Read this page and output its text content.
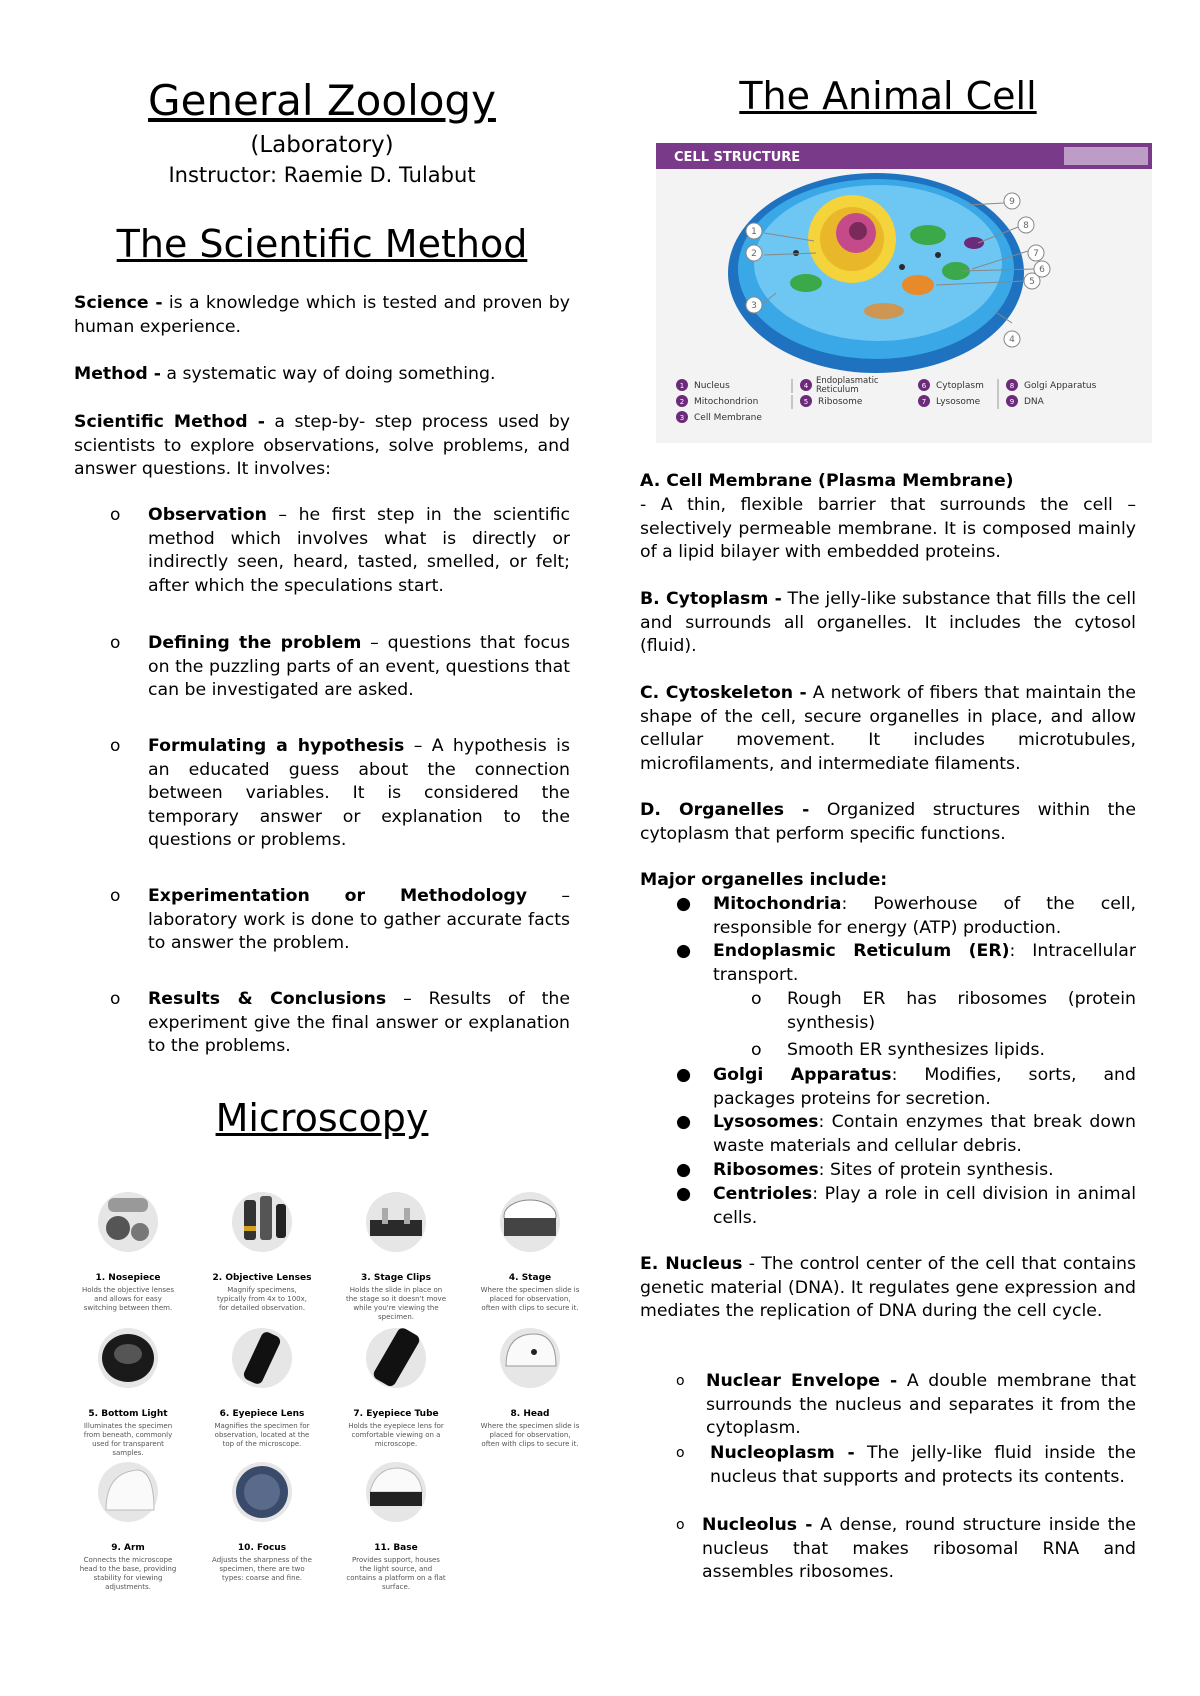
General Zoology
(Laboratory)
Instructor: Raemie D. Tulabut
The Scientific Method

Science - is a knowledge which is tested and proven by human experience.

Method - a systematic way of doing something.

Scientific Method - a step-by- step process used by scientists to explore observations, solve problems, and answer questions. It involves:

o Observation – he first step in the scientific method which involves what is directly or indirectly seen, heard, tasted, smelled, or felt; after which the speculations start.
o Defining the problem – questions that focus on the puzzling parts of an event, questions that can be investigated are asked.
o Formulating a hypothesis – A hypothesis is an educated guess about the connection between variables. It is considered the temporary answer or explanation to the questions or problems.
o Experimentation or Methodology – laboratory work is done to gather accurate facts to answer the problem.
o Results & Conclusions – Results of the experiment give the final answer or explanation to the problems.
Microscopy
1. Nosepiece	2. Objective Lenses	3. Stage Clips	4. Stage
Holds the objective lenses and allows for easy switching between them.
Magnify specimens, typically from 4x to 100x, for detailed observation.
Holds the slide in place on the stage so it doesn't move while you're viewing the specimen.
Where the specimen slide is placed for observation, often with clips to secure it.
5. Bottom Light	6. Eyepiece Lens	7. Eyepiece Tube	8. Head
Illuminates the specimen from beneath, commonly used for transparent samples.
Magnifies the specimen for observation, located at the top of the microscope.
Holds the eyepiece lens for comfortable viewing on a microscope.
Where the specimen slide is placed for observation, often with clips to secure it.
9. Arm	10. Focus	11. Base
Connects the microscope head to the base, providing stability for viewing adjustments.
Adjusts the sharpness of the specimen, there are two types: coarse and fine.
Provides support, houses the light source, and contains a platform on a flat surface.
The Animal Cell
CELL STRUCTURE
1
2
3
4
5
6
7
8
9
1 Nucleus
2 Mitochondrion
3 Cell Membrane
4 Endoplasmatic Reticulum
5 Ribosome
6 Cytoplasm
7 Lysosome
8 Golgi Apparatus
9 DNA
A. Cell Membrane (Plasma Membrane)

- A thin, flexible barrier that surrounds the cell – selectively permeable membrane. It is composed mainly of a lipid bilayer with embedded proteins.

B. Cytoplasm - The jelly-like substance that fills the cell and surrounds all organelles. It includes the cytosol (fluid).

C. Cytoskeleton - A network of fibers that maintain the shape of the cell, secure organelles in place, and allow cellular movement. It includes microtubules, microfilaments, and intermediate filaments.

D. Organelles - Organized structures within the cytoplasm that perform specific functions.

Major organelles include:
● Mitochondria: Powerhouse of the cell, responsible for energy (ATP) production.
● Endoplasmic Reticulum (ER): Intracellular transport.
o Rough ER has ribosomes (protein synthesis)
o Smooth ER synthesizes lipids.
● Golgi Apparatus: Modifies, sorts, and packages proteins for secretion.
● Lysosomes: Contain enzymes that break down waste materials and cellular debris.
● Ribosomes: Sites of protein synthesis.
● Centrioles: Play a role in cell division in animal cells.

E. Nucleus - The control center of the cell that contains genetic material (DNA). It regulates gene expression and mediates the replication of DNA during the cell cycle.

o Nuclear Envelope - A double membrane that surrounds the nucleus and separates it from the cytoplasm.
o Nucleoplasm - The jelly-like fluid inside the nucleus that supports and protects its contents.
o Nucleolus - A dense, round structure inside the nucleus that makes ribosomal RNA and assembles ribosomes.
